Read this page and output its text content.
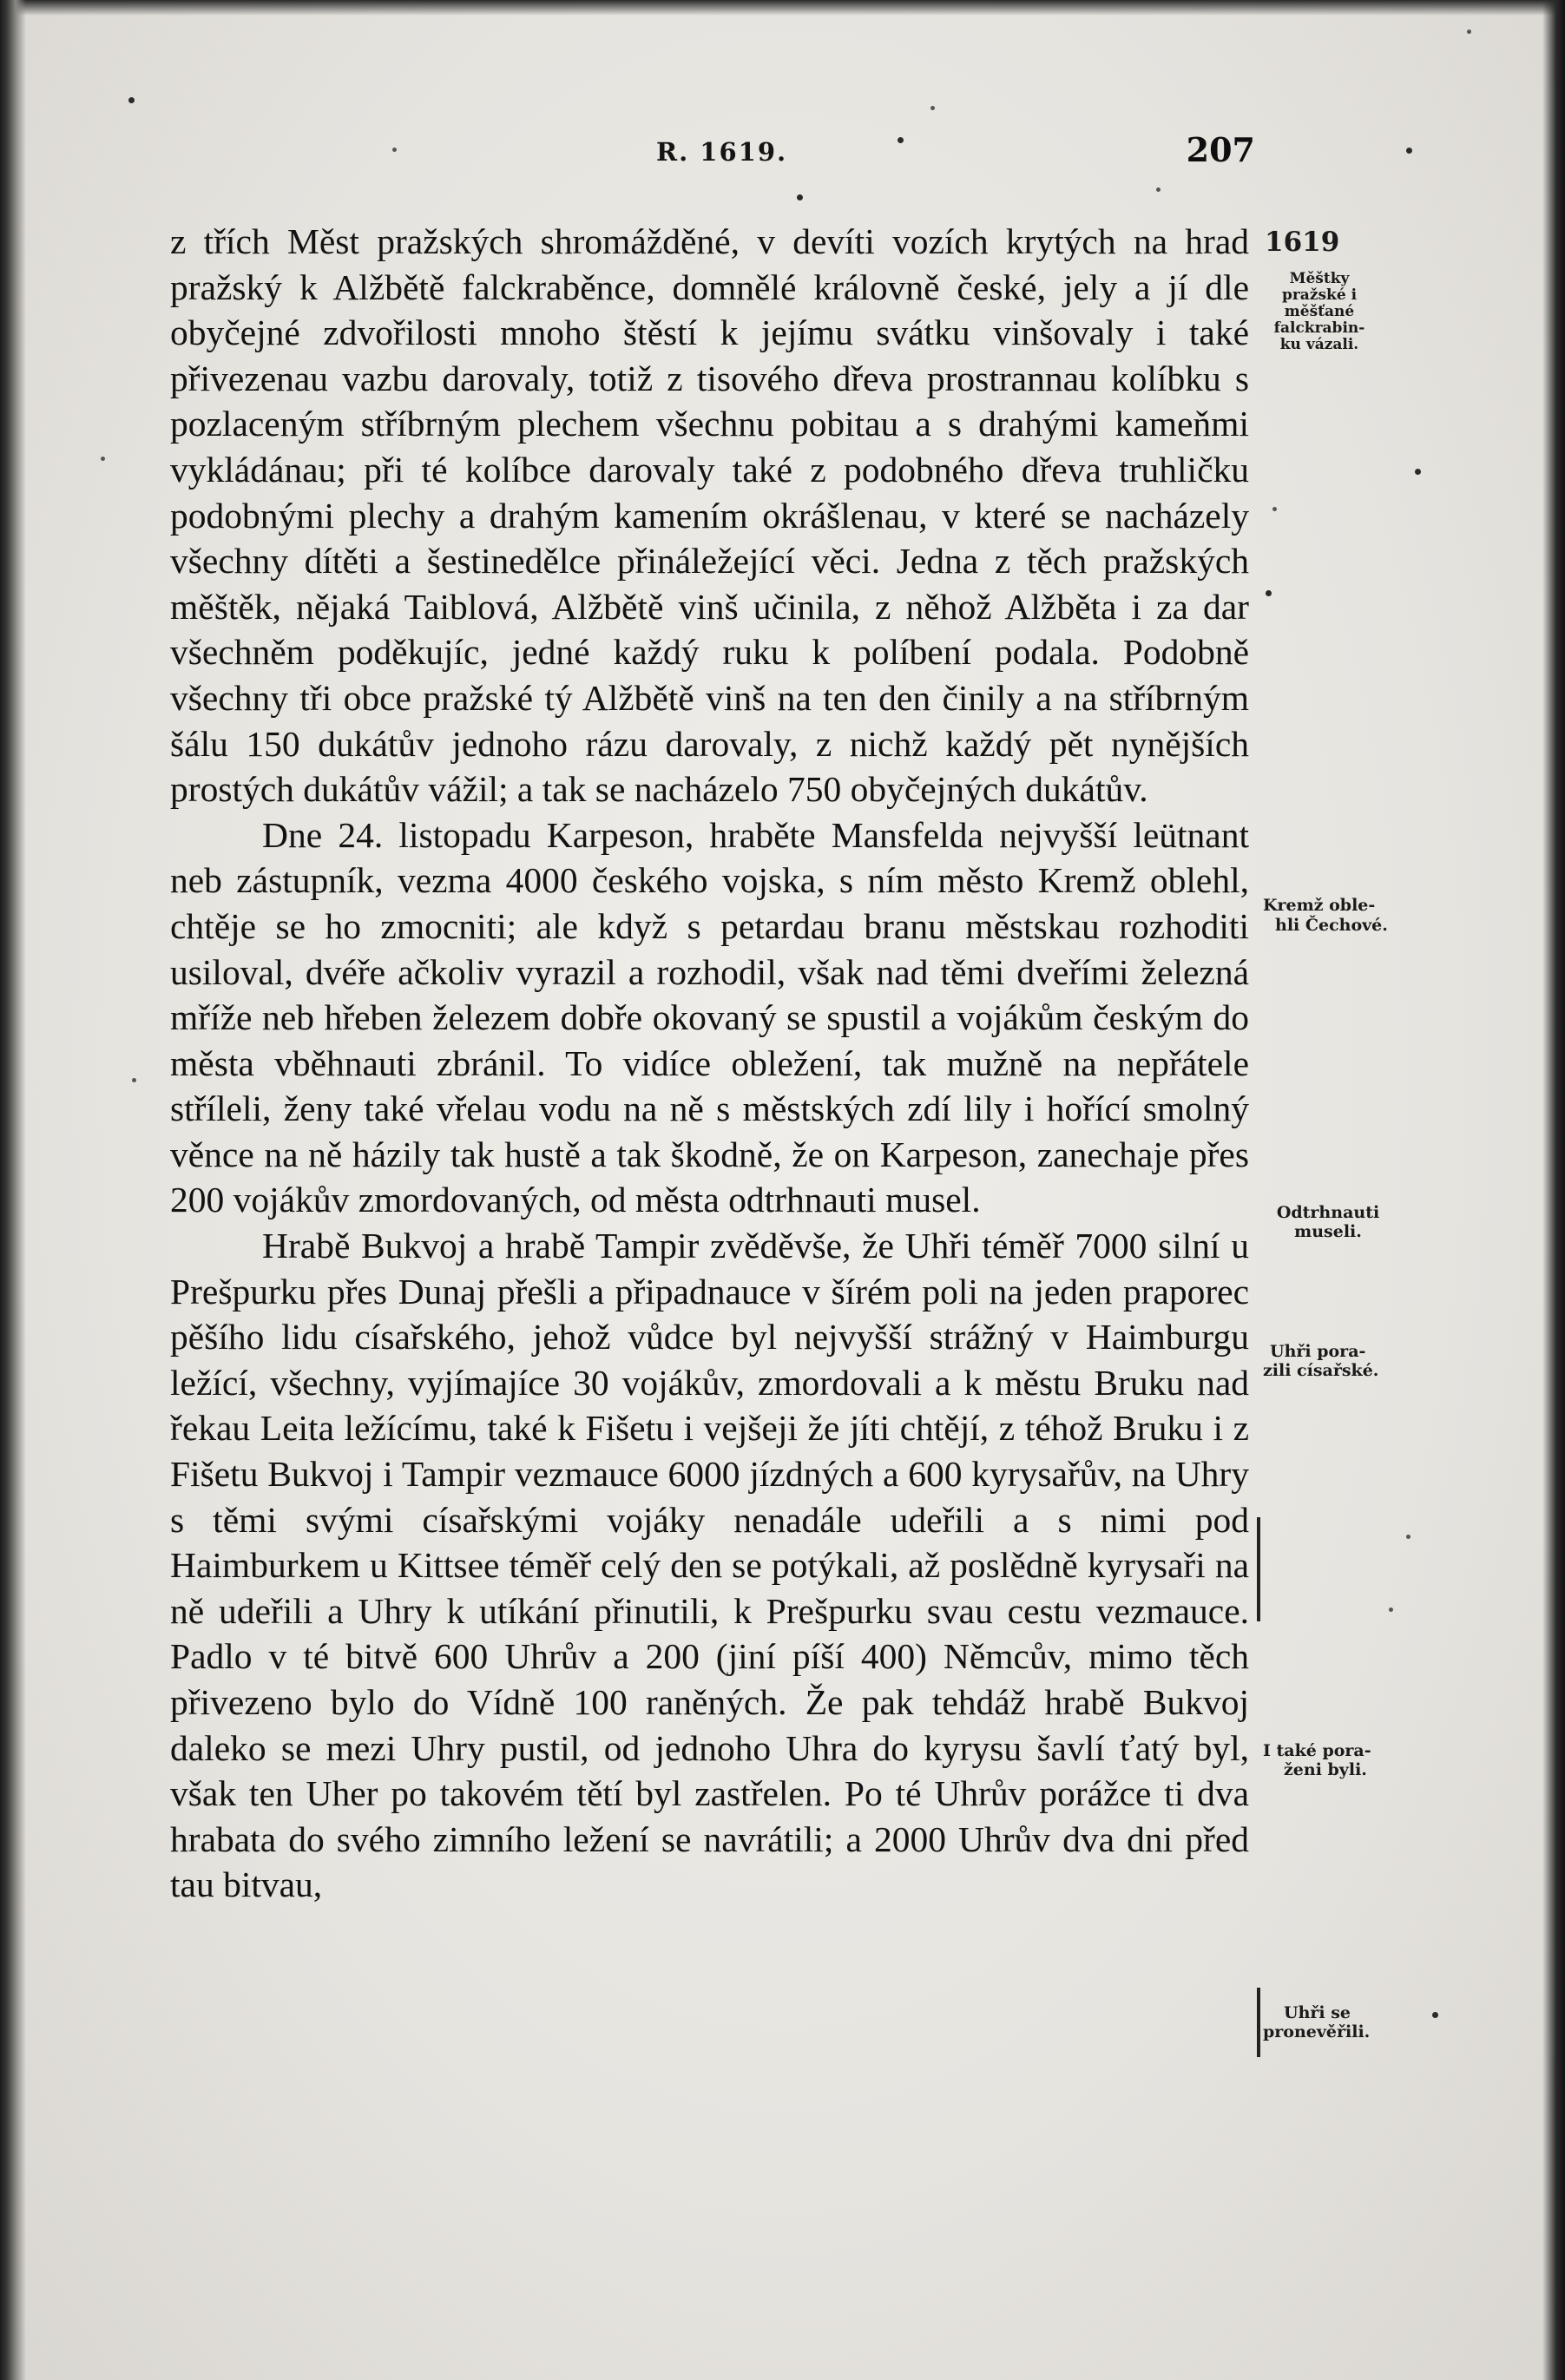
R. 1619.	207

z třích Měst pražských shromážděné, v devíti vozích krytých na hrad pražský k Alžbětě falckraběnce, domnělé královně české, jely a jí dle obyčejné zdvořilosti mnoho štěstí k jejímu svátku vinšovaly i také přivezenau vazbu darovaly, totiž z tisového dřeva prostrannau kolíbku s pozlaceným stříbrným plechem všechnu pobitau a s drahými kameňmi vykládánau; při té kolíbce darovaly také z podobného dřeva truhličku podobnými plechy a drahým kamením okrášlenau, v které se nacházely všechny dítěti a šestinedělce přináležející věci. Jedna z těch pražských měštěk, nějaká Taiblová, Alžbětě vinš učinila, z něhož Alžběta i za dar všechněm poděkujíc, jedné každý ruku k políbení podala. Podobně všechny tři obce pražské tý Alžbětě vinš na ten den činily a na stříbrným šálu 150 dukátův jednoho rázu darovaly, z nichž každý pět nynějších prostých dukátův vážil; a tak se nacházelo 750 obyčejných dukátův.

Dne 24. listopadu Karpeson, hraběte Mansfelda nejvyšší leütnant neb zástupník, vezma 4000 českého vojska, s ním město Kremž oblehl, chtěje se ho zmocniti; ale když s petardau branu městskau rozhoditi usiloval, dvéře ačkoliv vyrazil a rozhodil, však nad těmi dveřími železná mříže neb hřeben železem dobře okovaný se spustil a vojákům českým do města vběhnauti zbránil. To vidíce obležení, tak mužně na nepřátele stříleli, ženy také vřelau vodu na ně s městských zdí lily i hořící smolný věnce na ně házily tak hustě a tak škodně, že on Karpeson, zanechaje přes 200 vojákův zmordovaných, od města odtrhnauti musel.

Hrabě Bukvoj a hrabě Tampir zvěděvše, že Uhři téměř 7000 silní u Prešpurku přes Dunaj přešli a připadnauce v šírém poli na jeden praporec pěšího lidu císařského, jehož vůdce byl nejvyšší strážný v Haimburgu ležící, všechny, vyjímajíce 30 vojákův, zmordovali a k městu Bruku nad řekau Leita ležícímu, také k Fišetu i vejšeji že jíti chtějí, z téhož Bruku i z Fišetu Bukvoj i Tampir vezmauce 6000 jízdných a 600 kyrysařův, na Uhry s těmi svými císařskými vojáky nenadále udeřili a s nimi pod Haimburkem u Kittsee téměř celý den se potýkali, až poslědně kyrysaři na ně udeřili a Uhry k utíkání přinutili, k Prešpurku svau cestu vezmauce. Padlo v té bitvě 600 Uhrův a 200 (jiní píší 400) Němcův, mimo těch přivezeno bylo do Vídně 100 raněných. Že pak tehdáž hrabě Bukvoj daleko se mezi Uhry pustil, od jednoho Uhra do kyrysu šavlí ťatý byl, však ten Uher po takovém tětí byl zastřelen. Po té Uhrův porážce ti dva hrabata do svého zimního ležení se navrátili; a 2000 Uhrův dva dni před tau bitvau,

1619
Měštky
pražské i
měšťané
falckrabin-
ku vázali.
Kremž oble-
hli Čechové.
Odtrhnauti
museli.
Uhři pora-
zili císařské.
I také pora-
ženi byli.
Uhři se
pronevěřili.
